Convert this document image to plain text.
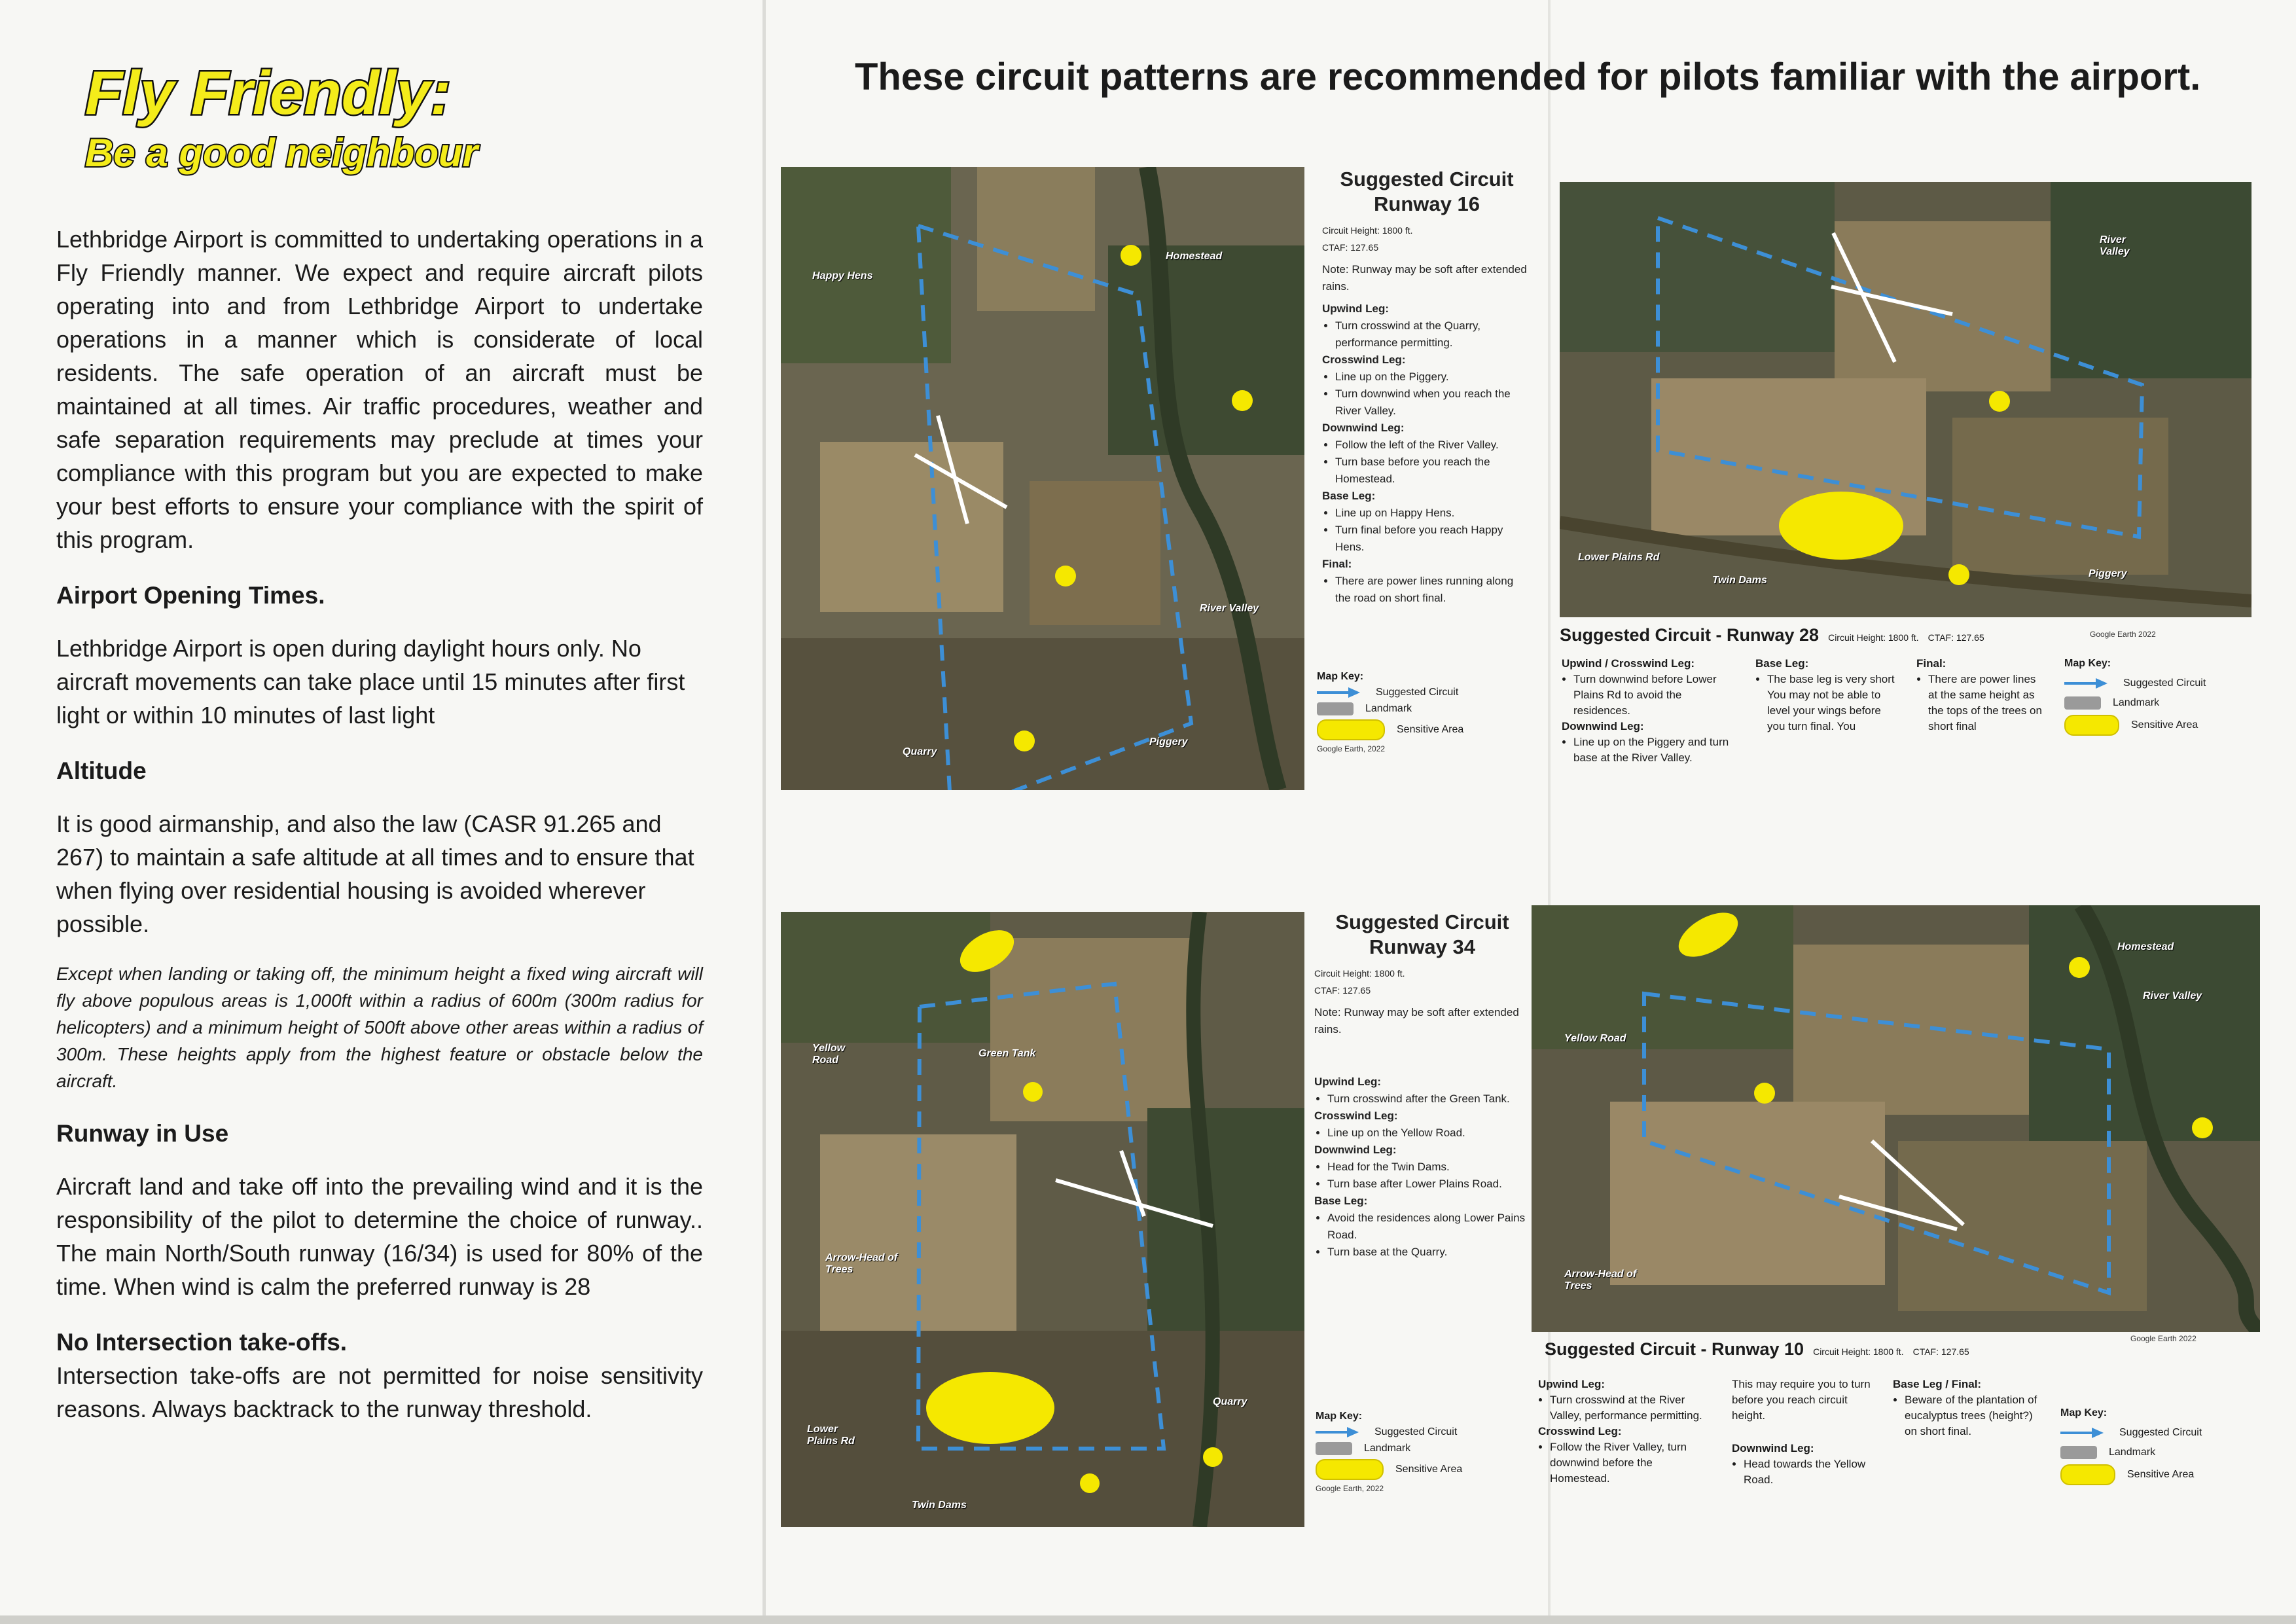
Fly Friendly:
Be a good neighbour

Lethbridge Airport is committed to undertaking operations in a Fly Friendly manner. We expect and require aircraft pilots operating into and from Lethbridge Airport to undertake operations in a manner which is considerate of local residents. The safe operation of an aircraft must be maintained at all times. Air traffic procedures, weather and safe separation requirements may preclude at times your compliance with this program but you are expected to make your best efforts to ensure your compliance with the spirit of this program.

Airport Opening Times.

Lethbridge Airport is open during daylight hours only. No aircraft movements can take place until 15 minutes after first light or within 10 minutes of last light

Altitude

It is good airmanship, and also the law (CASR 91.265 and 267) to maintain a safe altitude at all times and to ensure that when flying over residential housing is avoided wherever possible.

Except when landing or taking off, the minimum height a fixed wing aircraft will fly above populous areas is 1,000ft within a radius of 600m (300m radius for helicopters) and a minimum height of 500ft above other areas within a radius of 300m. These heights apply from the highest feature or obstacle below the aircraft.

Runway in Use

Aircraft land and take off into the prevailing wind and it is the responsibility of the pilot to determine the choice of runway.. The main North/South runway (16/34) is used for 80% of the time. When wind is calm the preferred runway is 28

No Intersection take-offs.

Intersection take-offs are not permitted for noise sensitivity reasons. Always backtrack to the runway threshold.

These circuit patterns are recommended for pilots familiar with the airport.
Happy Hens
Homestead
River Valley
Quarry
Piggery
Suggested Circuit
Runway 16
Circuit Height: 1800 ft.
CTAF: 127.65
Note: Runway may be soft after extended rains.
Upwind Leg:
• Turn crosswind at the Quarry, performance permitting.
Crosswind Leg:
• Line up on the Piggery.
• Turn downwind when you reach the River Valley.
Downwind Leg:
• Follow the left of the River Valley.
• Turn base before you reach the Homestead.
Base Leg:
• Line up on Happy Hens.
• Turn final before you reach Happy Hens.
Final:
• There are power lines running along the road on short final.
Map Key:
Suggested Circuit
Landmark
Sensitive Area
Google Earth, 2022
River Valley
Lower Plains Rd
Twin Dams
Piggery
Suggested Circuit - Runway 28 Circuit Height: 1800 ft. CTAF: 127.65	Google Earth 2022
Upwind / Crosswind Leg:
• Turn downwind before Lower Plains Rd to avoid the residences.
Downwind Leg:
• Line up on the Piggery and turn base at the River Valley.
Base Leg:
• The base leg is very short You may not be able to level your wings before you turn final. You
Final:
• There are power lines at the same height as the tops of the trees on short final
Map Key:
Suggested Circuit
Landmark
Sensitive Area
Yellow Road
Green Tank
Arrow-Head of Trees
Lower Plains Rd
Twin Dams
Quarry
Suggested Circuit
Runway 34
Circuit Height: 1800 ft.
CTAF: 127.65
Note: Runway may be soft after extended rains.
Upwind Leg:
• Turn crosswind after the Green Tank.
Crosswind Leg:
• Line up on the Yellow Road.
Downwind Leg:
• Head for the Twin Dams.
• Turn base after Lower Plains Road.
Base Leg:
• Avoid the residences along Lower Pains Road.
• Turn base at the Quarry.
Map Key:
Suggested Circuit
Landmark
Sensitive Area
Google Earth, 2022
Homestead
River Valley
Yellow Road
Arrow-Head of Trees
Suggested Circuit - Runway 10 Circuit Height: 1800 ft. CTAF: 127.65
Google Earth 2022
Upwind Leg:
• Turn crosswind at the River Valley, performance permitting.
Crosswind Leg:
• Follow the River Valley, turn downwind before the Homestead.
This may require you to turn before you reach circuit height.
Downwind Leg:
• Head towards the Yellow Road.
Base Leg / Final:
• Beware of the plantation of eucalyptus trees (height?) on short final.
Map Key:
Suggested Circuit
Landmark
Sensitive Area
